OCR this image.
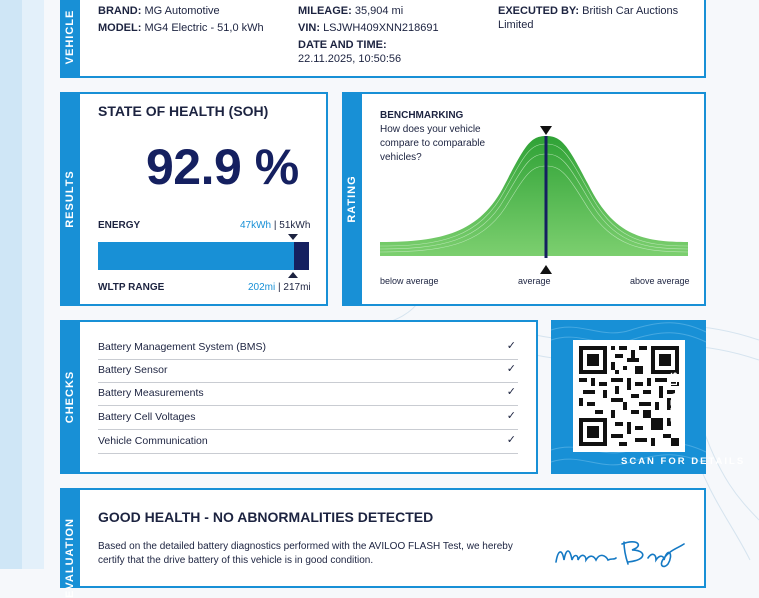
VEHICLE BRAND: MG Automotive
MODEL: MG4 Electric - 51,0 kWh
MILEAGE: 35,904 mi
VIN: LSJWH409XNN218691
DATE AND TIME:
22.11.2025, 10:50:56
EXECUTED BY: British Car Auctions
Limited
RESULTS
STATE OF HEALTH (SOH)
92.9 %
ENERGY	47kWh | 51kWh
WLTP RANGE	202mi | 217mi
RATING
BENCHMARKING
How does your vehicle
compare to comparable
vehicles?
below average	average	above average
CHECKS
Battery Management System (BMS)	✓
Battery Sensor	✓
Battery Measurements	✓
Battery Cell Voltages	✓
Vehicle Communication	✓
DETAILS
SCAN FOR DETAILS
EVALUATION
GOOD HEALTH - NO ABNORMALITIES DETECTED
Based on the detailed battery diagnostics performed with the AVILOO FLASH Test, we hereby
certify that the drive battery of this vehicle is in good condition.
